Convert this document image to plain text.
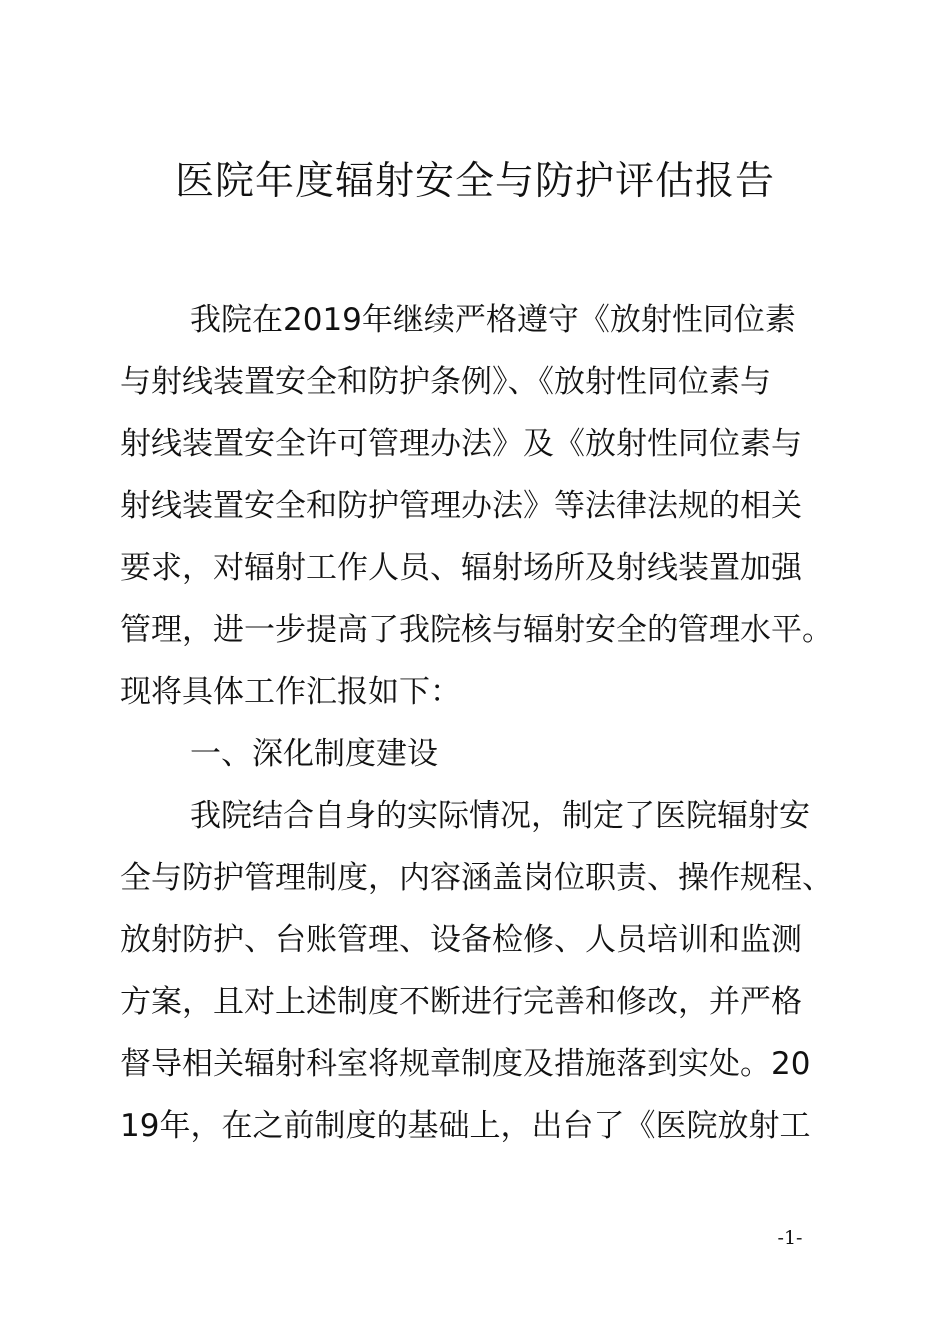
医院年度辐射安全与防护评估报告

我院在2019年继续严格遵守《放射性同位素

与射线装置安全和防护条例》、《放射性同位素与

射线装置安全许可管理办法》及《放射性同位素与

射线装置安全和防护管理办法》等法律法规的相关

要求，对辐射工作人员、辐射场所及射线装置加强

管理，进一步提高了我院核与辐射安全的管理水平。

现将具体工作汇报如下：

一、深化制度建设

我院结合自身的实际情况，制定了医院辐射安

全与防护管理制度，内容涵盖岗位职责、操作规程、

放射防护、台账管理、设备检修、人员培训和监测

方案，且对上述制度不断进行完善和修改，并严格

督导相关辐射科室将规章制度及措施落到实处。20

19年，在之前制度的基础上，出台了《医院放射工

-1-
